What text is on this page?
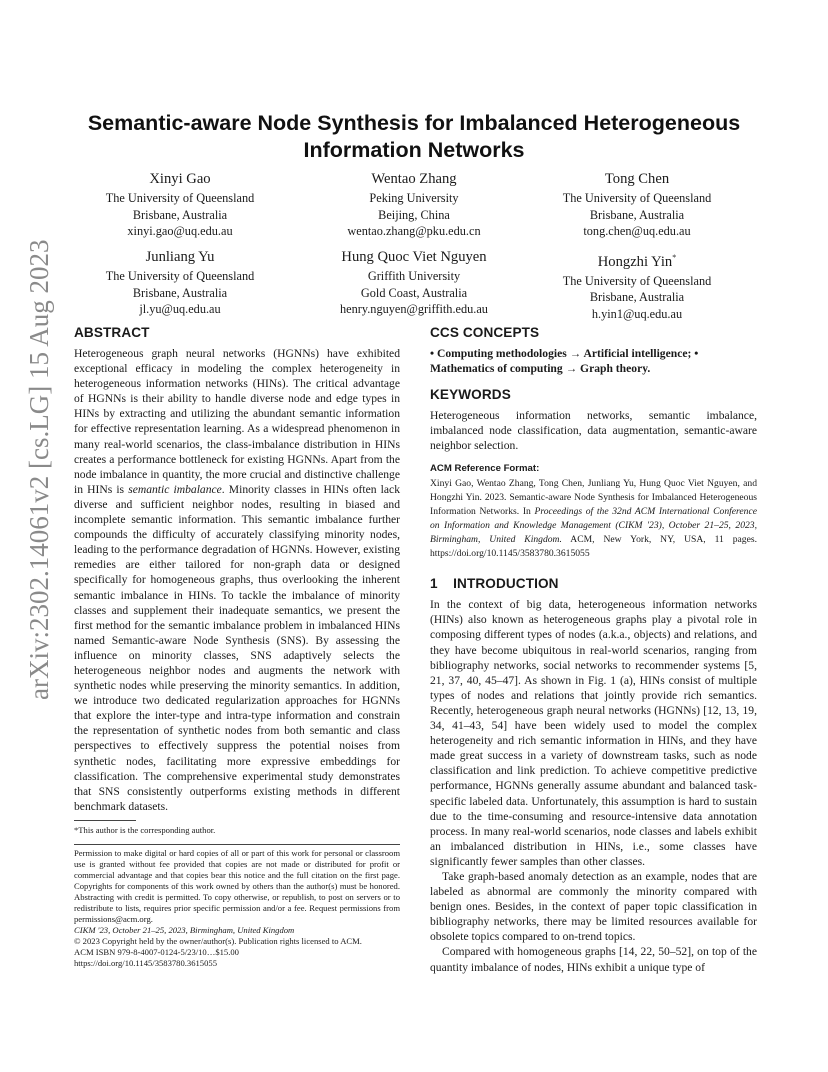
arXiv:2302.14061v2 [cs.LG] 15 Aug 2023
Semantic-aware Node Synthesis for Imbalanced Heterogeneous Information Networks
Xinyi Gao
The University of Queensland
Brisbane, Australia
xinyi.gao@uq.edu.au
Wentao Zhang
Peking University
Beijing, China
wentao.zhang@pku.edu.cn
Tong Chen
The University of Queensland
Brisbane, Australia
tong.chen@uq.edu.au
Junliang Yu
The University of Queensland
Brisbane, Australia
jl.yu@uq.edu.au
Hung Quoc Viet Nguyen
Griffith University
Gold Coast, Australia
henry.nguyen@griffith.edu.au
Hongzhi Yin*
The University of Queensland
Brisbane, Australia
h.yin1@uq.edu.au
ABSTRACT

Heterogeneous graph neural networks (HGNNs) have exhibited exceptional efficacy in modeling the complex heterogeneity in heterogeneous information networks (HINs). The critical advantage of HGNNs is their ability to handle diverse node and edge types in HINs by extracting and utilizing the abundant semantic information for effective representation learning. As a widespread phenomenon in many real-world scenarios, the class-imbalance distribution in HINs creates a performance bottleneck for existing HGNNs. Apart from the node imbalance in quantity, the more crucial and distinctive challenge in HINs is semantic imbalance. Minority classes in HINs often lack diverse and sufficient neighbor nodes, resulting in biased and incomplete semantic information. This semantic imbalance further compounds the difficulty of accurately classifying minority nodes, leading to the performance degradation of HGNNs. However, existing remedies are either tailored for non-graph data or designed specifically for homogeneous graphs, thus overlooking the inherent semantic imbalance in HINs. To tackle the imbalance of minority classes and supplement their inadequate semantics, we present the first method for the semantic imbalance problem in imbalanced HINs named Semantic-aware Node Synthesis (SNS). By assessing the influence on minority classes, SNS adaptively selects the heterogeneous neighbor nodes and augments the network with synthetic nodes while preserving the minority semantics. In addition, we introduce two dedicated regularization approaches for HGNNs that explore the inter-type and intra-type information and constrain the representation of synthetic nodes from both semantic and class perspectives to effectively suppress the potential noises from synthetic nodes, facilitating more expressive embeddings for classification. The comprehensive experimental study demonstrates that SNS consistently outperforms existing methods in different benchmark datasets.

*This author is the corresponding author.
Permission to make digital or hard copies of all or part of this work for personal or classroom use is granted without fee provided that copies are not made or distributed for profit or commercial advantage and that copies bear this notice and the full citation on the first page. Copyrights for components of this work owned by others than the author(s) must be honored. Abstracting with credit is permitted. To copy otherwise, or republish, to post on servers or to redistribute to lists, requires prior specific permission and/or a fee. Request permissions from permissions@acm.org.
CIKM '23, October 21–25, 2023, Birmingham, United Kingdom
© 2023 Copyright held by the owner/author(s). Publication rights licensed to ACM.
ACM ISBN 979-8-4007-0124-5/23/10…$15.00
https://doi.org/10.1145/3583780.3615055
CCS CONCEPTS
• Computing methodologies → Artificial intelligence; • Mathematics of computing → Graph theory.
KEYWORDS

Heterogeneous information networks, semantic imbalance, imbalanced node classification, data augmentation, semantic-aware neighbor selection.

ACM Reference Format:
Xinyi Gao, Wentao Zhang, Tong Chen, Junliang Yu, Hung Quoc Viet Nguyen, and Hongzhi Yin. 2023. Semantic-aware Node Synthesis for Imbalanced Heterogeneous Information Networks. In Proceedings of the 32nd ACM International Conference on Information and Knowledge Management (CIKM '23), October 21–25, 2023, Birmingham, United Kingdom. ACM, New York, NY, USA, 11 pages. https://doi.org/10.1145/3583780.3615055
1    INTRODUCTION

In the context of big data, heterogeneous information networks (HINs) also known as heterogeneous graphs play a pivotal role in composing different types of nodes (a.k.a., objects) and relations, and they have become ubiquitous in real-world scenarios, ranging from bibliography networks, social networks to recommender systems [5, 21, 37, 40, 45–47]. As shown in Fig. 1 (a), HINs consist of multiple types of nodes and relations that jointly provide rich semantics. Recently, heterogeneous graph neural networks (HGNNs) [12, 13, 19, 34, 41–43, 54] have been widely used to model the complex heterogeneity and rich semantic information in HINs, and they have made great success in a variety of downstream tasks, such as node classification and link prediction. To achieve competitive predictive performance, HGNNs generally assume abundant and balanced task-specific labeled data. Unfortunately, this assumption is hard to sustain due to the time-consuming and resource-intensive data annotation process. In many real-world scenarios, node classes and labels exhibit an imbalanced distribution in HINs, i.e., some classes have significantly fewer samples than other classes.

Take graph-based anomaly detection as an example, nodes that are labeled as abnormal are commonly the minority compared with benign ones. Besides, in the context of paper topic classification in bibliography networks, there may be limited resources available for obsolete topics compared to on-trend topics.

Compared with homogeneous graphs [14, 22, 50–52], on top of the quantity imbalance of nodes, HINs exhibit a unique type of
